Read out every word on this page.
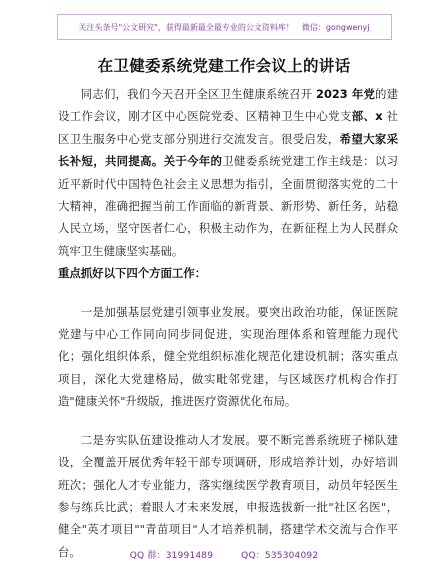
关注头条号"公文研究"，获得最新最全最专业的公文资料库！　微信：gongwenyj
在卫健委系统党建工作会议上的讲话

同志们，我们今天召开全区卫生健康系统召开 2023 年党的建设工作会议，刚才区中心医院党委、区精神卫生中心党支部、x 社区卫生服务中心党支部分别进行交流发言。很受启发，希望大家采长补短，共同提高。关于今年的卫健委系统党建工作主线是：以习近平新时代中国特色社会主义思想为指引，全面贯彻落实党的二十大精神，准确把握当前工作面临的新背景、新形势、新任务，站稳人民立场，坚守医者仁心，积极主动作为，在新征程上为人民群众筑牢卫生健康坚实基础。

重点抓好以下四个方面工作：

一是加强基层党建引领事业发展。要突出政治功能，保证医院党建与中心工作同向同步同促进，实现治理体系和管理能力现代化；强化组织体系，健全党组织标准化规范化建设机制；落实重点项目，深化大党建格局，做实毗邻党建，与区域医疗机构合作打造"健康关怀"升级版，推进医疗资源优化布局。

二是夯实队伍建设推动人才发展。要不断完善系统班子梯队建设，全覆盖开展优秀年轻干部专项调研，形成培养计划，办好培训班次；强化人才专业能力，落实继续医学教育项目，动员年轻医生参与练兵比武；着眼人才未来发展，申报选拔新一批"社区名医"，健全"英才项目""青苗项目"人才培养机制，搭建学术交流与合作平台。	QQ 群：31991489	QQ：535304092
